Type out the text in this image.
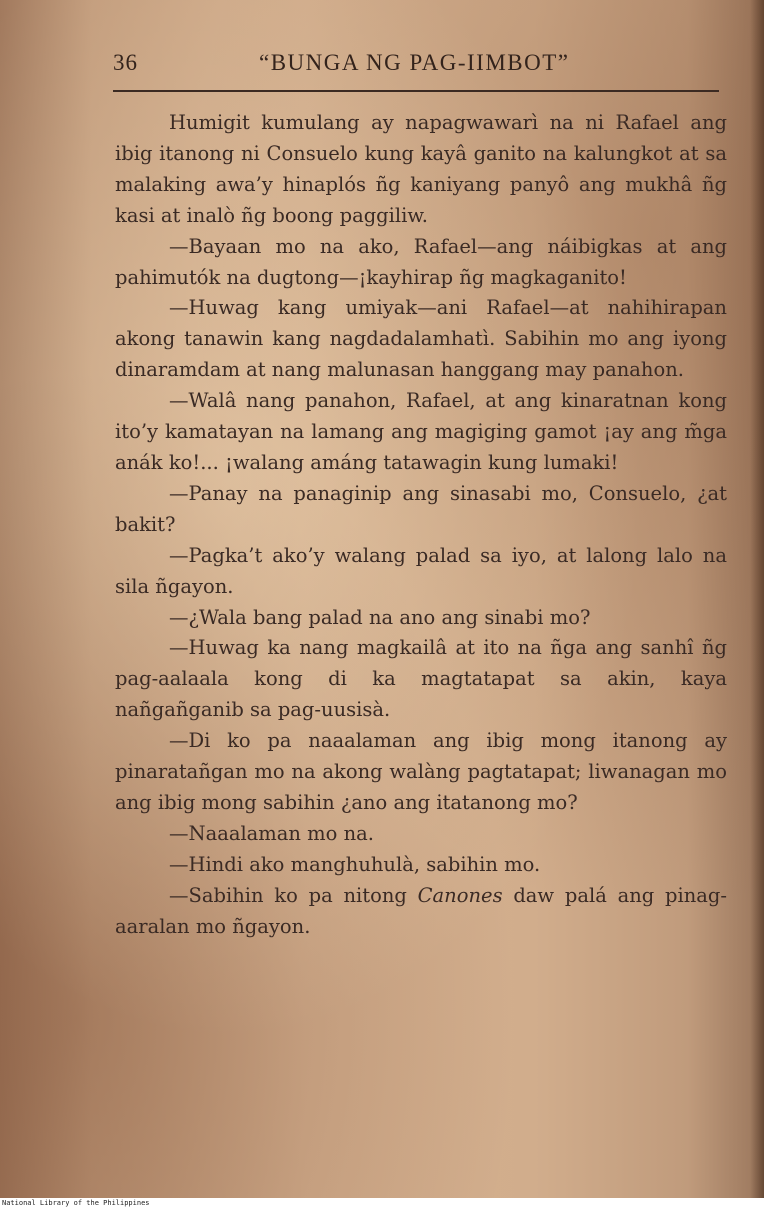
36	“BUNGA NG PAG-IIMBOT”

Humigit kumulang ay napagwawarì na ni Rafael ang ibig itanong ni Consuelo kung kayâ ganito na kalungkot at sa malaking awa’y hinaplós ñg kaniyang panyô ang mukhâ ñg kasi at inalò ñg boong paggiliw.

—Bayaan mo na ako, Rafael—ang náibigkas at ang pahimutók na dugtong—¡kayhirap ñg magkaganito!

—Huwag kang umiyak—ani Rafael—at nahihirapan akong tanawin kang nagdadalamhatì. Sabihin mo ang iyong dinaramdam at nang malunasan hanggang may panahon.

—Walâ nang panahon, Rafael, at ang kinaratnan kong ito’y kamatayan na lamang ang magiging gamot ¡ay ang m̃ga anák ko!... ¡walang amáng tatawagin kung lumaki!

—Panay na panaginip ang sinasabi mo, Consuelo, ¿at bakit?

—Pagka’t ako’y walang palad sa iyo, at lalong lalo na sila ñgayon.

—¿Wala bang palad na ano ang sinabi mo?

—Huwag ka nang magkailâ at ito na ñga ang sanhî ñg pag-aalaala kong di ka magtatapat sa akin, kaya nañgañganib sa pag-uusisà.

—Di ko pa naaalaman ang ibig mong itanong ay pinaratañgan mo na akong walàng pagtatapat; liwanagan mo ang ibig mong sabihin ¿ano ang itatanong mo?

—Naaalaman mo na.

—Hindi ako manghuhulà, sabihin mo.

—Sabihin ko pa nitong Canones daw palá ang pinag-aaralan mo ñgayon.

National Library of the Philippines
